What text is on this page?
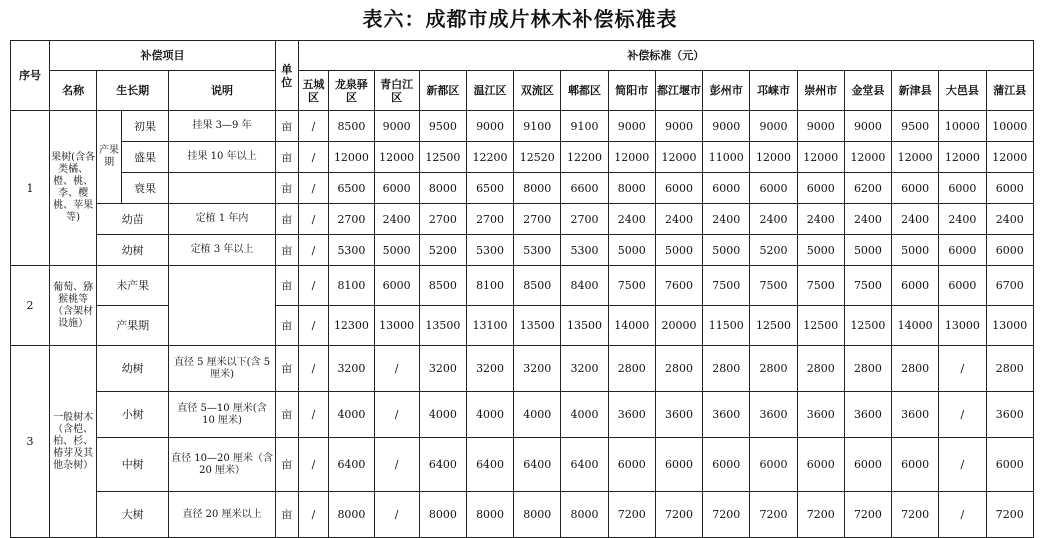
表六：成都市成片林木补偿标准表
序号	补偿项目				单位	补偿标准（元）															
	名称	生长期		说明		五城区	龙泉驿区	青白江区	新都区	温江区	双流区	郫都区	简阳市	都江堰市	彭州市	邛崃市	崇州市	金堂县	新津县	大邑县	蒲江县
1	果树(含各类橘、橙、桃、李、樱桃、苹果等)	产果期	初果	挂果 3—9 年	亩	/	8500	9000	9500	9000	9100	9100	9000	9000	9000	9000	9000	9000	9500	10000	10000
			盛果	挂果 10 年以上	亩	/	12000	12000	12500	12200	12520	12200	12000	12000	11000	12000	12000	12000	12000	12000	12000
			衰果		亩	/	6500	6000	8000	6500	8000	6600	8000	6000	6000	6000	6000	6200	6000	6000	6000
		幼苗		定植 1 年内	亩	/	2700	2400	2700	2700	2700	2700	2400	2400	2400	2400	2400	2400	2400	2400	2400
		幼树		定植 3 年以上	亩	/	5300	5000	5200	5300	5300	5300	5000	5000	5000	5200	5000	5000	5000	6000	6000
2	葡萄、猕猴桃等（含架材设施）	未产果			亩	/	8100	6000	8500	8100	8500	8400	7500	7600	7500	7500	7500	7500	6000	6000	6700
		产果期			亩	/	12300	13000	13500	13100	13500	13500	14000	20000	11500	12500	12500	12500	14000	13000	13000
3	一般树木（含桤、柏、杉、椿芽及其他杂树）	幼树		直径 5 厘米以下(含 5 厘米)	亩	/	3200	/	3200	3200	3200	3200	2800	2800	2800	2800	2800	2800	2800	/	2800
		小树		直径 5—10 厘米(含 10 厘米)	亩	/	4000	/	4000	4000	4000	4000	3600	3600	3600	3600	3600	3600	3600	/	3600
		中树		直径 10—20 厘米（含 20 厘米）	亩	/	6400	/	6400	6400	6400	6400	6000	6000	6000	6000	6000	6000	6000	/	6000
		大树		直径 20 厘米以上	亩	/	8000	/	8000	8000	8000	8000	7200	7200	7200	7200	7200	7200	7200	/	7200
